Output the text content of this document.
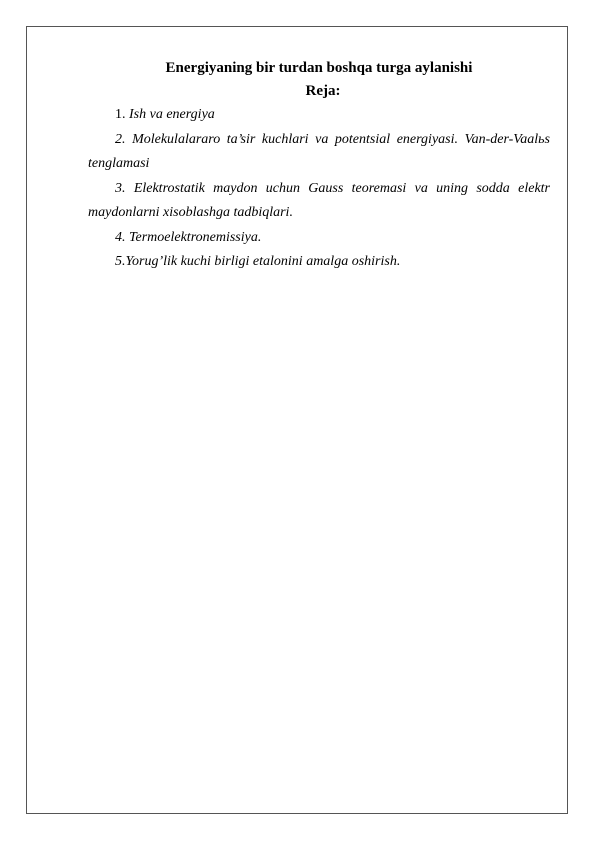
Energiyaning bir turdan boshqa turga aylanishi

Reja:

1. Ish va energiya
2. Molekulalararo ta’sir kuchlari va potentsial energiyasi. Van-der-Vaalьs tenglamasi
3. Elektrostatik maydon uchun Gauss teoremasi va uning sodda elektr maydonlarni xisoblashga tadbiqlari.
4. Termoelektronemissiya.
5.Yorug’lik kuchi birligi etalonini amalga oshirish.
